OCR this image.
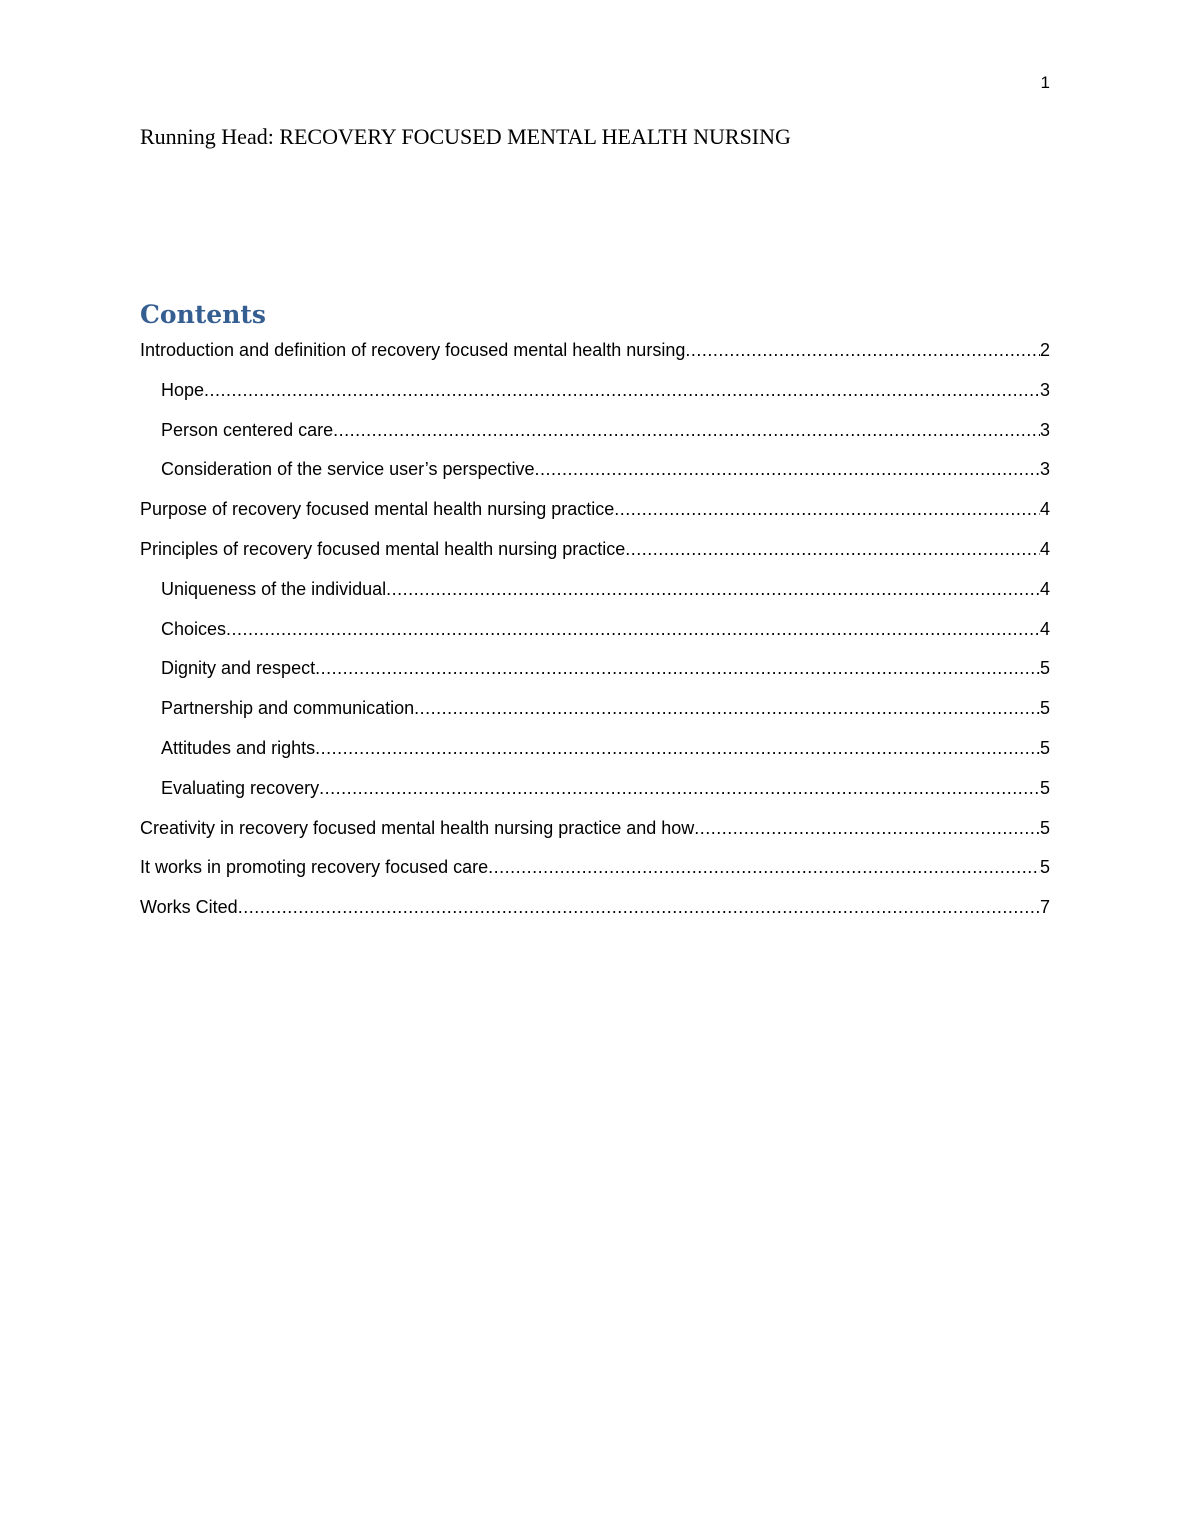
1
Running Head: RECOVERY FOCUSED MENTAL HEALTH NURSING
Contents
Introduction and definition of recovery focused mental health nursing .....	2
Hope .....	3
Person centered care .....	3
Consideration of the service user’s perspective .....	3
Purpose of recovery focused mental health nursing practice .....	4
Principles of recovery focused mental health nursing practice .....	4
Uniqueness of the individual .....	4
Choices .....	4
Dignity and respect .....	5
Partnership and communication .....	5
Attitudes and rights .....	5
Evaluating recovery .....	5
Creativity in recovery focused mental health nursing practice and how .....	5
It works in promoting recovery focused care .....	5
Works Cited .....	7
